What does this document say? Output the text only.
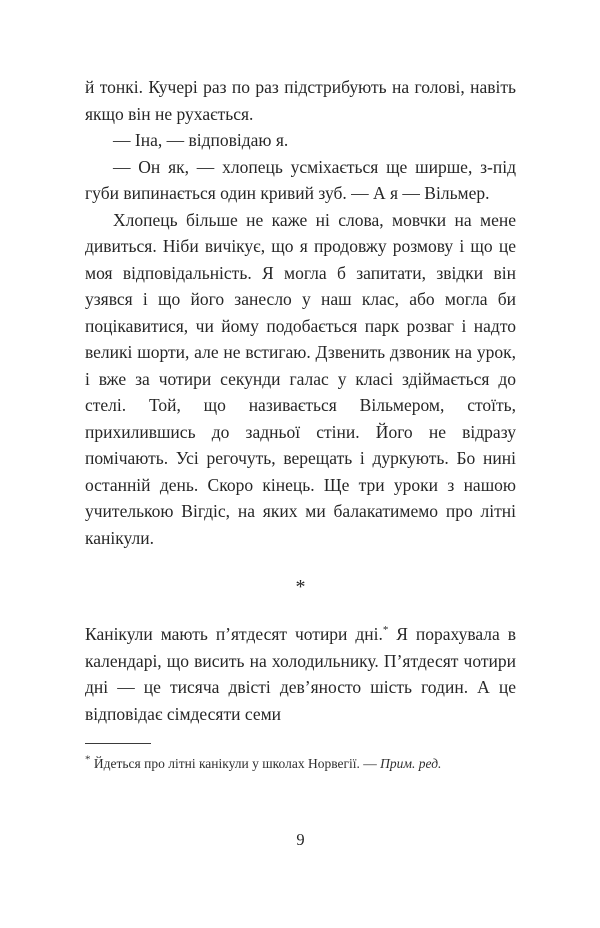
й тонкі. Кучері раз по раз підстрибують на голові, навіть якщо він не рухається.

— Іна, — відповідаю я.

— Он як, — хлопець усміхається ще ширше, з-під губи випинається один кривий зуб. — А я — Вільмер.

Хлопець більше не каже ні слова, мовчки на мене дивиться. Ніби вичікує, що я продовжу розмову і що це моя відповідальність. Я могла б запитати, звідки він узявся і що його занесло у наш клас, або могла би поцікавитися, чи йому подобається парк розваг і надто великі шорти, але не встигаю. Дзвенить дзвоник на урок, і вже за чотири секунди галас у класі здіймається до стелі. Той, що називається Вільмером, стоїть, прихилившись до задньої стіни. Його не відразу помічають. Усі регочуть, верещать і дуркують. Бо нині останній день. Скоро кінець. Ще три уроки з нашою учителькою Вігдіс, на яких ми балакатимемо про літні канікули.

*

Канікули мають п’ятдесят чотири дні.* Я порахувала в календарі, що висить на холодильнику. П’ятдесят чотири дні — це тисяча двісті дев’яносто шість годин. А це відповідає сімдесяти семи

* Йдеться про літні канікули у школах Норвегії. — Прим. ред.

9
